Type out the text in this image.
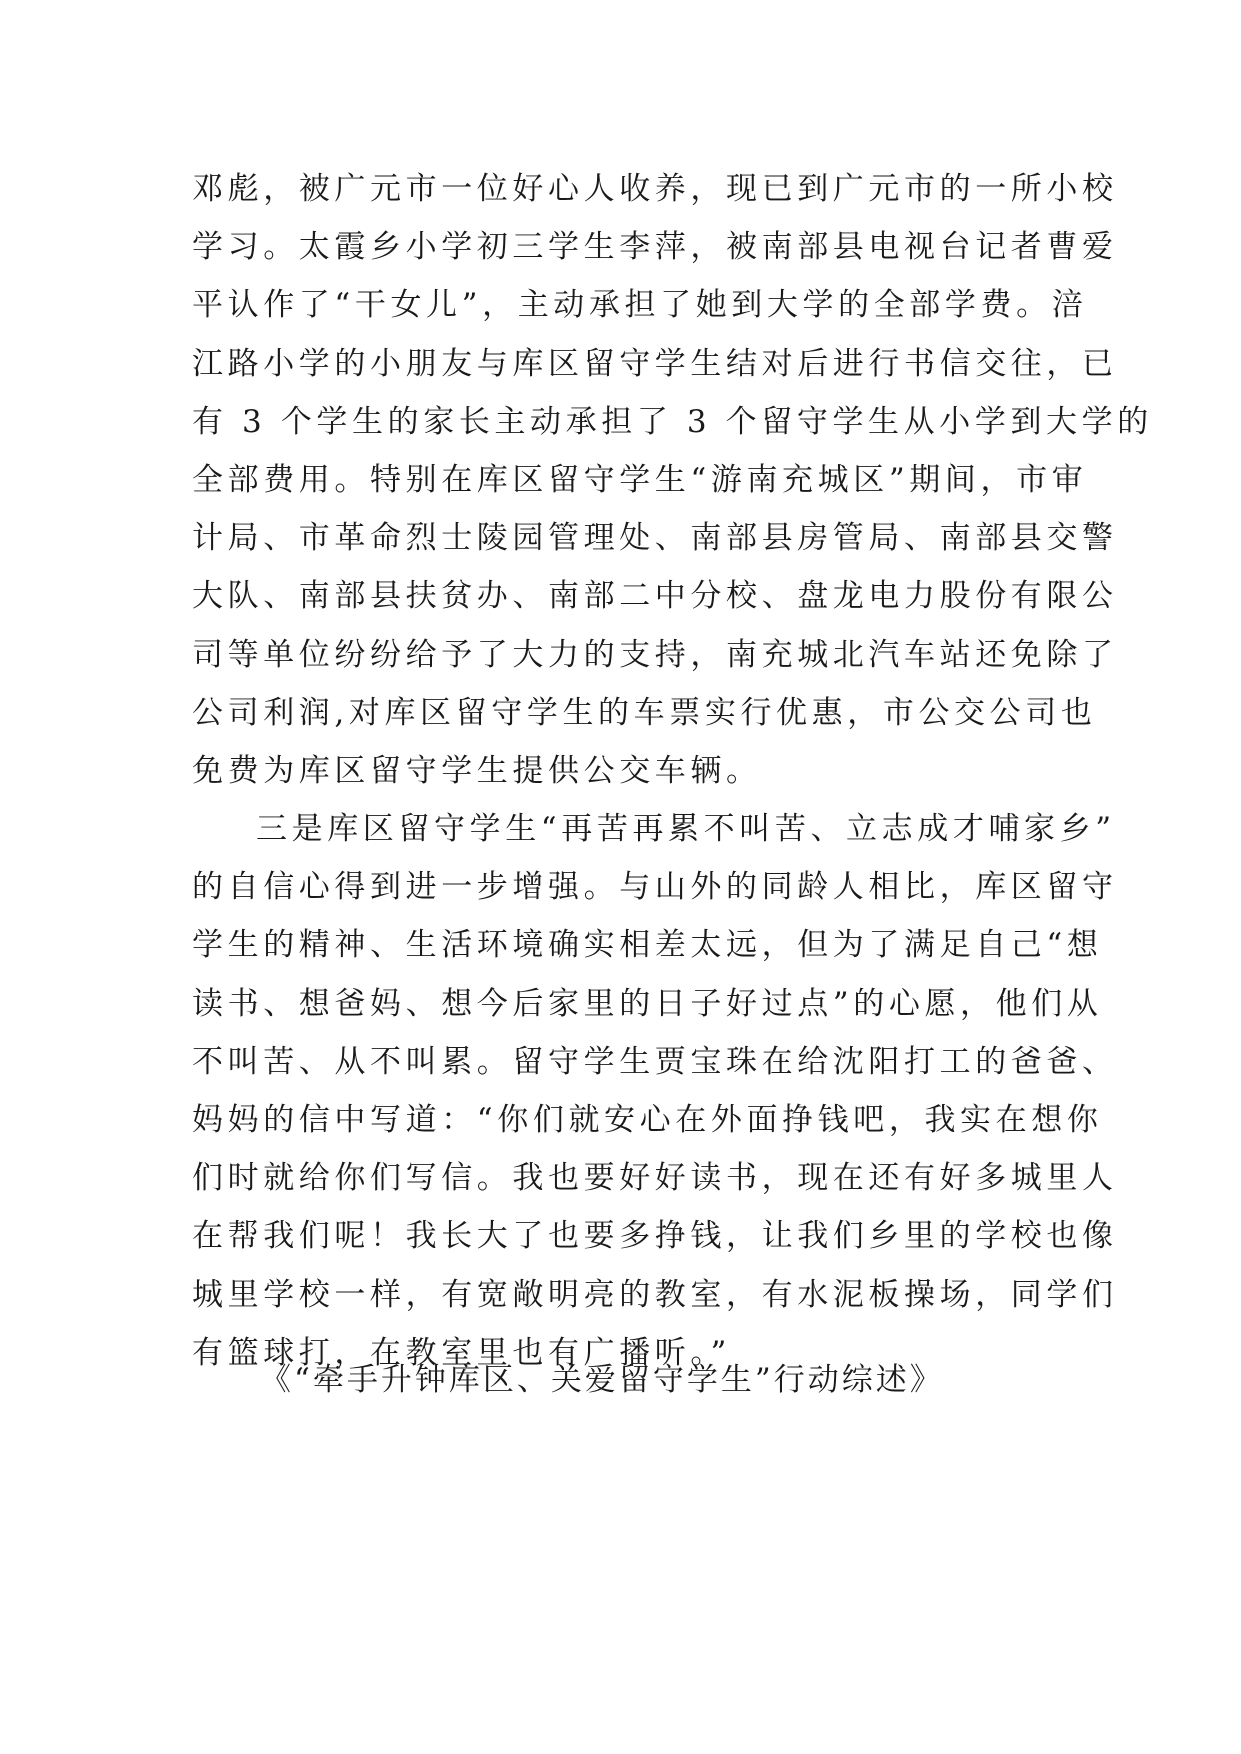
邓彪，被广元市一位好心人收养，现已到广元市的一所小校
学习。太霞乡小学初三学生李萍，被南部县电视台记者曹爱
平认作了“干女儿”，主动承担了她到大学的全部学费。涪
江路小学的小朋友与库区留守学生结对后进行书信交往，已
有 3 个学生的家长主动承担了 3 个留守学生从小学到大学的
全部费用。特别在库区留守学生“游南充城区”期间，市审
计局、市革命烈士陵园管理处、南部县房管局、南部县交警
大队、南部县扶贫办、南部二中分校、盘龙电力股份有限公
司等单位纷纷给予了大力的支持，南充城北汽车站还免除了
公司利润,对库区留守学生的车票实行优惠，市公交公司也
免费为库区留守学生提供公交车辆。
三是库区留守学生“再苦再累不叫苦、立志成才哺家乡”
的自信心得到进一步增强。与山外的同龄人相比，库区留守
学生的精神、生活环境确实相差太远，但为了满足自己“想
读书、想爸妈、想今后家里的日子好过点”的心愿，他们从
不叫苦、从不叫累。留守学生贾宝珠在给沈阳打工的爸爸、
妈妈的信中写道：“你们就安心在外面挣钱吧，我实在想你
们时就给你们写信。我也要好好读书，现在还有好多城里人
在帮我们呢！我长大了也要多挣钱，让我们乡里的学校也像
城里学校一样，有宽敞明亮的教室，有水泥板操场，同学们
有篮球打，在教室里也有广播听。”
《“牵手升钟库区、关爱留守学生”行动综述》
